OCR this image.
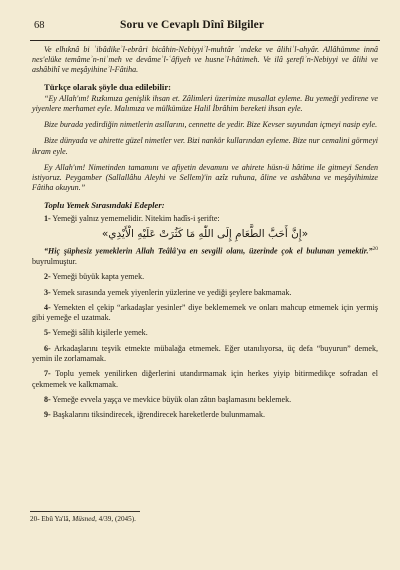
68	Soru ve Cevaplı Dînî Bilgiler

Ve elhıknâ bi ʿibâdikeʾl-ebrâri bicâhin-Nebiyyiʾl-muhtâr ʿındeke ve âlihiʾl-ahyâr. Allâhümme innâ nes'elüke temâmeʾn-niʿmeh ve devâmeʾl-ʿâfiyeh ve husneʾl-hâtimeh. Ve ilâ şerefiʾn-Nebiyyi ve âlihi ve ashâbihî ve meşâyihineʾl-Fâtiha.

Türkçe olarak şöyle dua edilebilir:

“Ey Allah'ım! Rızkımıza genişlik ihsan et. Zâlimleri üzerimize musallat eyleme. Bu yemeği yedirene ve yiyenlere merhamet eyle. Malımıza ve mülkümüze Halil İbrâhim bereketi ihsan eyle.

Bize burada yedirdiğin nimetlerin asıllarını, cennette de yedir. Bize Kevser suyundan içmeyi nasip eyle.

Bize dünyada ve ahirette güzel nimetler ver. Bizi nankör kullarından eyleme. Bize nur cemalini görmeyi ikram eyle.

Ey Allah'ım! Nimetinden tamamını ve afiyetin devamını ve ahirete hüsn-ü hâtime ile gitmeyi Senden istiyoruz. Peygamber (Sallallâhu Aleyhi ve Sellem)'in azîz ruhuna, âline ve ashâbına ve meşâyihimize Fâtiha okuyun.”

Toplu Yemek Sırasındaki Edepler:

1- Yemeği yalnız yememelidir. Nitekim hadîs-i şerifte:

«إِنَّ أَحَبَّ الطَّعَامِ إِلَى اللّٰهِ مَا كَثُرَتْ عَلَيْهِ الْأَيْدِي»

“Hiç şüphesiz yemeklerin Allah Teâlâ'ya en sevgili olanı, üzerinde çok el bulunan yemektir.”$^{20}$ buyrulmuştur.

2- Yemeği büyük kapta yemek.

3- Yemek sırasında yemek yiyenlerin yüzlerine ve yediği şeylere bakmamak.

4- Yemekten el çekip “arkadaşlar yesinler” diye beklememek ve onları mahcup etmemek için yermiş gibi yemeğe el uzatmak.

5- Yemeği sâlih kişilerle yemek.

6- Arkadaşlarını teşvik etmekte mübalağa etmemek. Eğer utanılıyorsa, üç defa “buyurun” demek, yemin ile zorlamamak.

7- Toplu yemek yenilirken diğerlerini utandırmamak için herkes yiyip bitirmedikçe sofradan el çekmemek ve kalkmamak.

8- Yemeğe evvela yaşça ve mevkice büyük olan zâtın başlamasını beklemek.

9- Başkalarını tiksindirecek, iğrendirecek hareketlerde bulunmamak.

20- Ebû Ya'lâ, Müsned, 4/39, (2045).
